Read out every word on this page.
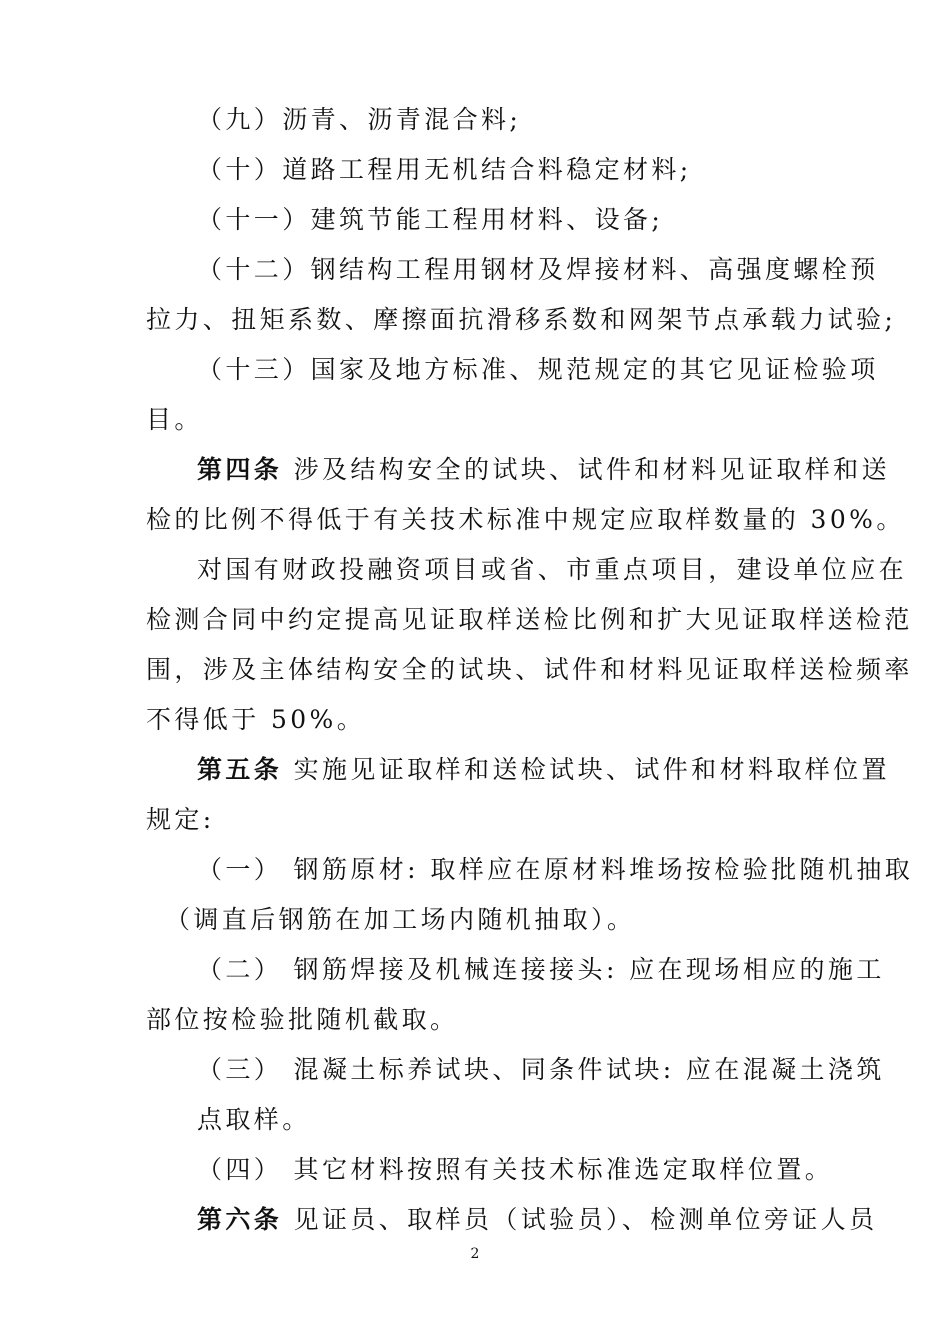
（九）沥青、沥青混合料;
（十）道路工程用无机结合料稳定材料;
（十一）建筑节能工程用材料、设备;
（十二）钢结构工程用钢材及焊接材料、高强度螺栓预
拉力、扭矩系数、摩擦面抗滑移系数和网架节点承载力试验;
（十三）国家及地方标准、规范规定的其它见证检验项
目。
第四条 涉及结构安全的试块、试件和材料见证取样和送
检的比例不得低于有关技术标准中规定应取样数量的 30%。
对国有财政投融资项目或省、市重点项目，建设单位应在
检测合同中约定提高见证取样送检比例和扩大见证取样送检范
围，涉及主体结构安全的试块、试件和材料见证取样送检频率
不得低于 50%。
第五条 实施见证取样和送检试块、试件和材料取样位置
规定:
（一） 钢筋原材: 取样应在原材料堆场按检验批随机抽取
（调直后钢筋在加工场内随机抽取）。
（二） 钢筋焊接及机械连接接头: 应在现场相应的施工
部位按检验批随机截取。
（三） 混凝土标养试块、同条件试块: 应在混凝土浇筑
点取样。
（四） 其它材料按照有关技术标准选定取样位置。
第六条 见证员、取样员（试验员）、检测单位旁证人员
2
